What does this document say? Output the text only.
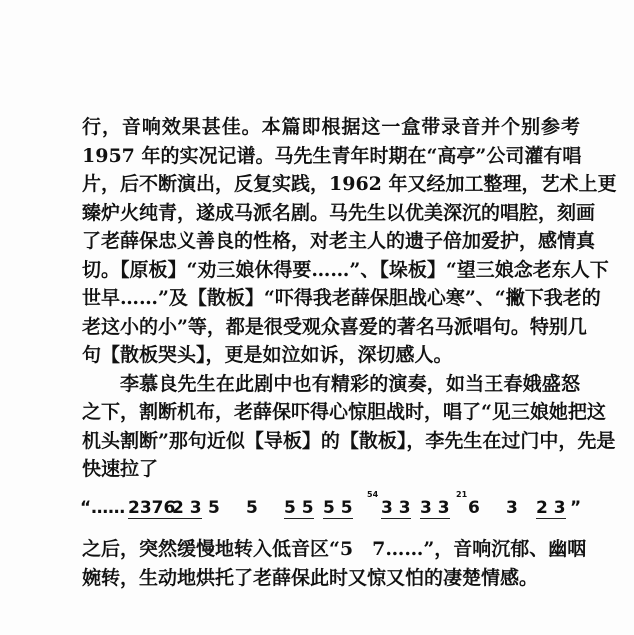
行，音响效果甚佳。本篇即根据这一盒带录音并个别参考
1957 年的实况记谱。马先生青年时期在“高亭”公司灌有唱
片，后不断演出，反复实践，1962 年又经加工整理，艺术上更
臻炉火纯青，遂成马派名剧。马先生以优美深沉的唱腔，刻画
了老薛保忠义善良的性格，对老主人的遗子倍加爱护，感情真
切。【原板】“劝三娘休得要……”、【垛板】“望三娘念老东人下
世早……”及【散板】“吓得我老薛保胆战心寒”、“撇下我老的
老这小的小”等，都是很受观众喜爱的著名马派唱句。特别几
句【散板哭头】，更是如泣如诉，深切感人。
李慕良先生在此剧中也有精彩的演奏，如当王春娥盛怒
之下，割断机布，老薛保吓得心惊胆战时，唱了“见三娘她把这
机头割断”那句近似【导板】的【散板】，李先生在过门中，先是
快速拉了
“…… 2376
2 3 5 5 5 5 5 5
54
3 3 3 3
21
6 3 2 3 ”
之后，突然缓慢地转入低音区“5　7……”，音响沉郁、幽咽
婉转，生动地烘托了老薛保此时又惊又怕的凄楚情感。
